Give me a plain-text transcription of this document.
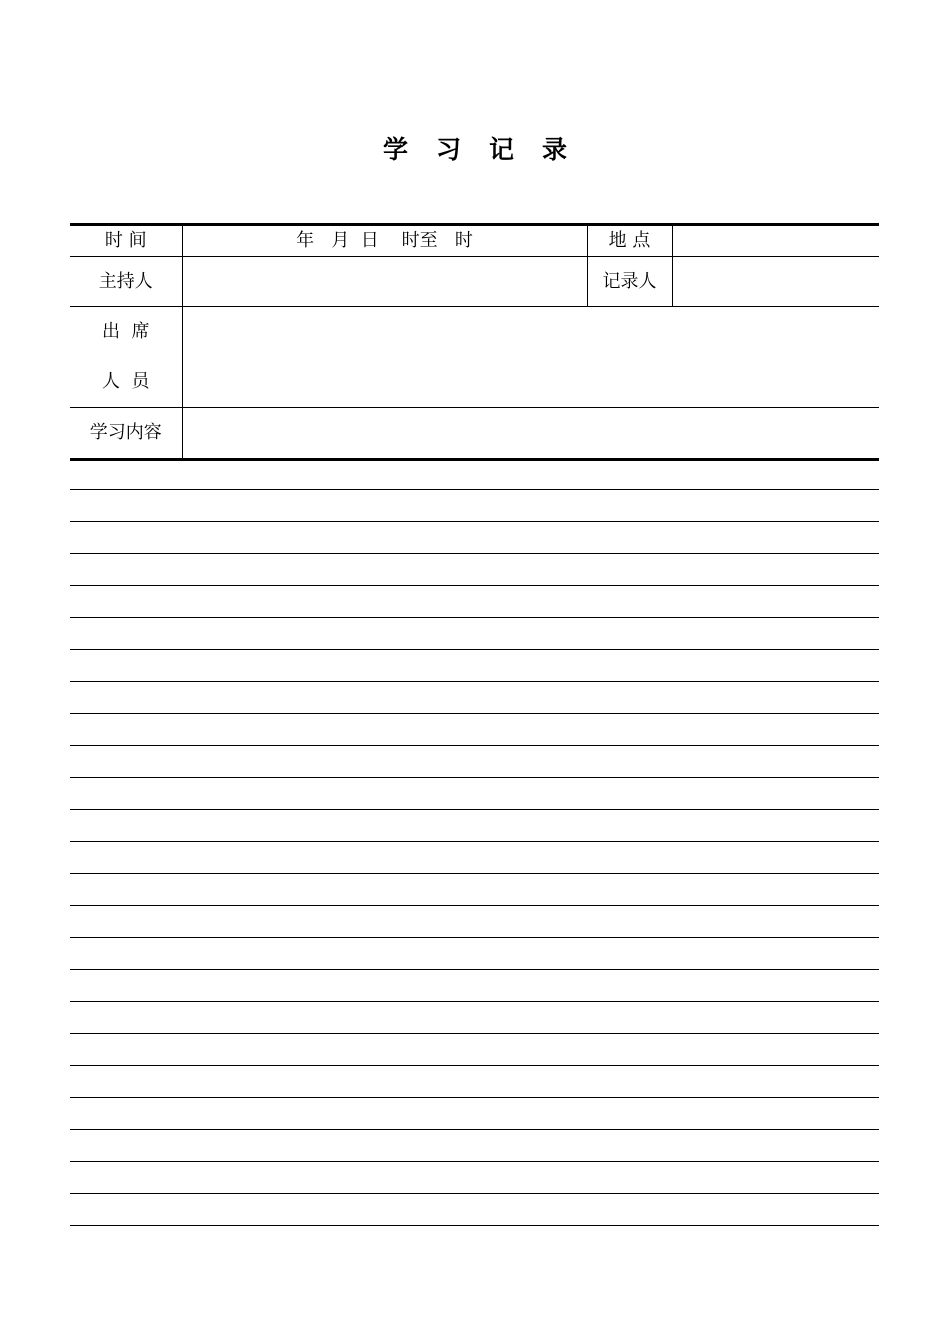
学 习 记 录
时 间	年   月  日    时至   时	地 点	
主持人		记录人	

出  席
人  员			

学习内容			
